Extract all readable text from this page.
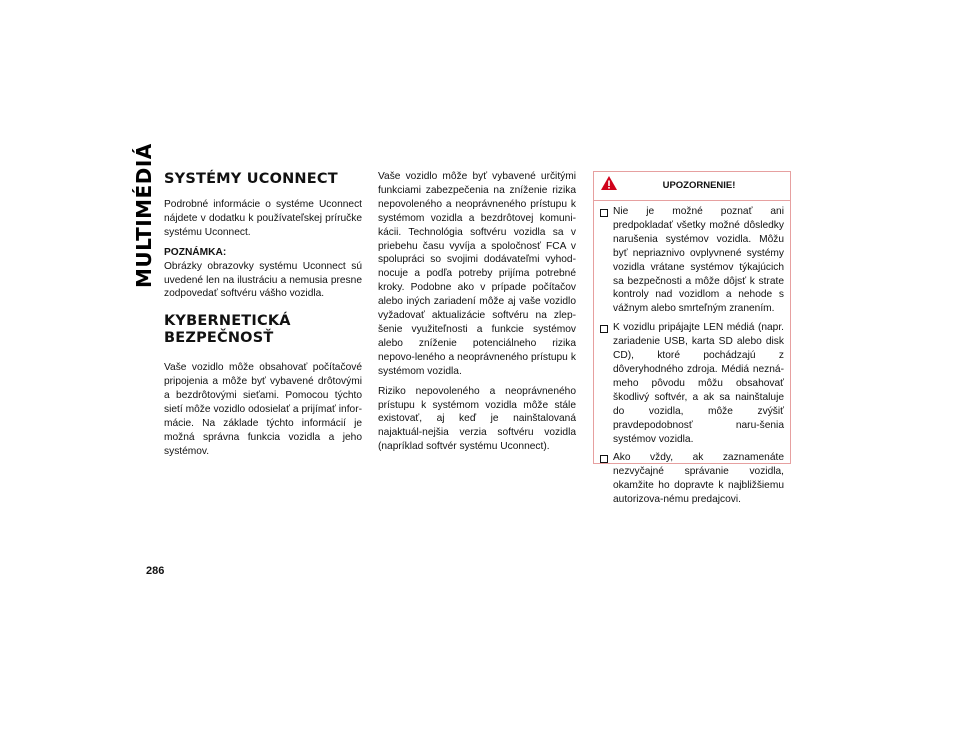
MULTIMÉDIÁ SYSTÉMY UCONNECT

Podrobné informácie o systéme Uconnect nájdete v dodatku k používateľskej príručke systému Uconnect.

POZNÁMKA:
Obrázky obrazovky systému Uconnect sú uvedené len na ilustráciu a nemusia presne zodpovedať softvéru vášho vozidla.

KYBERNETICKÁ
BEZPEČNOSŤ

Vaše vozidlo môže obsahovať počítačové pripojenia a môže byť vybavené drôtovými a bezdrôtovými sieťami. Pomocou týchto sietí môže vozidlo odosielať a prijímať infor-mácie. Na základe týchto informácií je možná správna funkcia vozidla a jeho systémov.

Vaše vozidlo môže byť vybavené určitými funkciami zabezpečenia na zníženie rizika nepovoleného a neoprávneného prístupu k systémom vozidla a bezdrôtovej komuni-kácii. Technológia softvéru vozidla sa v priebehu času vyvíja a spoločnosť FCA v spolupráci so svojimi dodávateľmi vyhod-nocuje a podľa potreby prijíma potrebné kroky. Podobne ako v prípade počítačov alebo iných zariadení môže aj vaše vozidlo vyžadovať aktualizácie softvéru na zlep-šenie využiteľnosti a funkcie systémov alebo zníženie potenciálneho rizika nepovo-leného a neoprávneného prístupu k systémom vozidla.

Riziko nepovoleného a neoprávneného prístupu k systémom vozidla môže stále existovať, aj keď je nainštalovaná najaktuál-nejšia verzia softvéru vozidla (napríklad softvér systému Uconnect).

UPOZORNENIE!
Nie je možné poznať ani predpokladať všetky možné dôsledky narušenia systémov vozidla. Môžu byť nepriaznivo ovplyvnené systémy vozidla vrátane systémov týkajúcich sa bezpečnosti a môže dôjsť k strate kontroly nad vozidlom a nehode s vážnym alebo smrteľným zranením.
K vozidlu pripájajte LEN médiá (napr. zariadenie USB, karta SD alebo disk CD), ktoré pochádzajú z dôveryhodného zdroja. Médiá nezná-meho pôvodu môžu obsahovať škodlivý softvér, a ak sa nainštaluje do vozidla, môže zvýšiť pravdepodobnosť naru-šenia systémov vozidla.
Ako vždy, ak zaznamenáte nezvyčajné správanie vozidla, okamžite ho dopravte k najbližšiemu autorizova-nému predajcovi.
286
